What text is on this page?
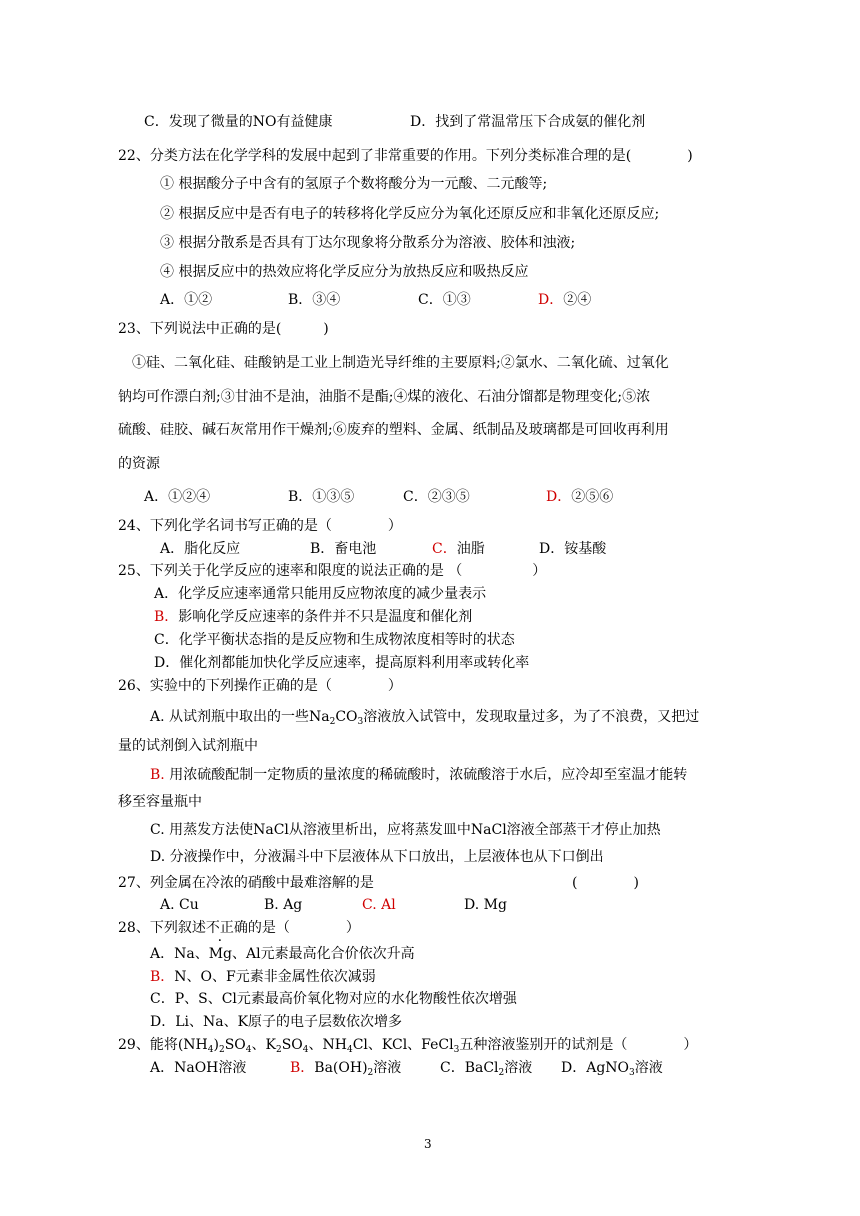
C．发现了微量的NO有益健康	D．找到了常温常压下合成氨的催化剂
22、分类方法在化学学科的发展中起到了非常重要的作用。下列分类标准合理的是(　　　　)
① 根据酸分子中含有的氢原子个数将酸分为一元酸、二元酸等;
② 根据反应中是否有电子的转移将化学反应分为氧化还原反应和非氧化还原反应;
③ 根据分散系是否具有丁达尔现象将分散系分为溶液、胶体和浊液;
④ 根据反应中的热效应将化学反应分为放热反应和吸热反应
A．①②	B．③④	C．①③	D．②④
23、下列说法中正确的是(　　　)
①硅、二氧化硅、硅酸钠是工业上制造光导纤维的主要原料;②氯水、二氧化硫、过氧化
钠均可作漂白剂;③甘油不是油，油脂不是酯;④煤的液化、石油分馏都是物理变化;⑤浓
硫酸、硅胶、碱石灰常用作干燥剂;⑥废弃的塑料、金属、纸制品及玻璃都是可回收再利用
的资源
A．①②④	B．①③⑤	C．②③⑤	D．②⑤⑥
24、下列化学名词书写正确的是（　　　　）
A．脂化反应	B．畜电池	C．油脂	D．铵基酸
25、下列关于化学反应的速率和限度的说法正确的是 （　　　　　）
A．化学反应速率通常只能用反应物浓度的减少量表示
B．影响化学反应速率的条件并不只是温度和催化剂
C．化学平衡状态指的是反应物和生成物浓度相等时的状态
D．催化剂都能加快化学反应速率，提高原料利用率或转化率
26、实验中的下列操作正确的是（　　　　）
A. 从试剂瓶中取出的一些$Na_2CO_3$溶液放入试管中，发现取量过多，为了不浪费，又把过
量的试剂倒入试剂瓶中
B. 用浓硫酸配制一定物质的量浓度的稀硫酸时，浓硫酸溶于水后，应冷却至室温才能转
移至容量瓶中
C. 用蒸发方法使NaCl从溶液里析出，应将蒸发皿中NaCl溶液全部蒸干才停止加热
D. 分液操作中，分液漏斗中下层液体从下口放出，上层液体也从下口倒出
27、列金属在冷浓的硝酸中最难溶解的是	(　　　　)
A. Cu	B. Ag	C. Al	D. Mg
28、下列叙述不正确的是（　　　　）
A．Na、Mg、Al元素最高化合价依次升高
B．N、O、F元素非金属性依次减弱
C．P、S、Cl元素最高价氧化物对应的水化物酸性依次增强
D．Li、Na、K原子的电子层数依次增多
29、能将$(NH_4)_2SO_4$、$K_2SO_4$、$NH_4Cl$、KCl、FeCl$_3$五种溶液鉴别开的试剂是（　　　　）
A．NaOH溶液	B．$Ba(OH)_2$溶液	C．BaCl$_2$溶液 D．AgNO$_3$溶液
3
